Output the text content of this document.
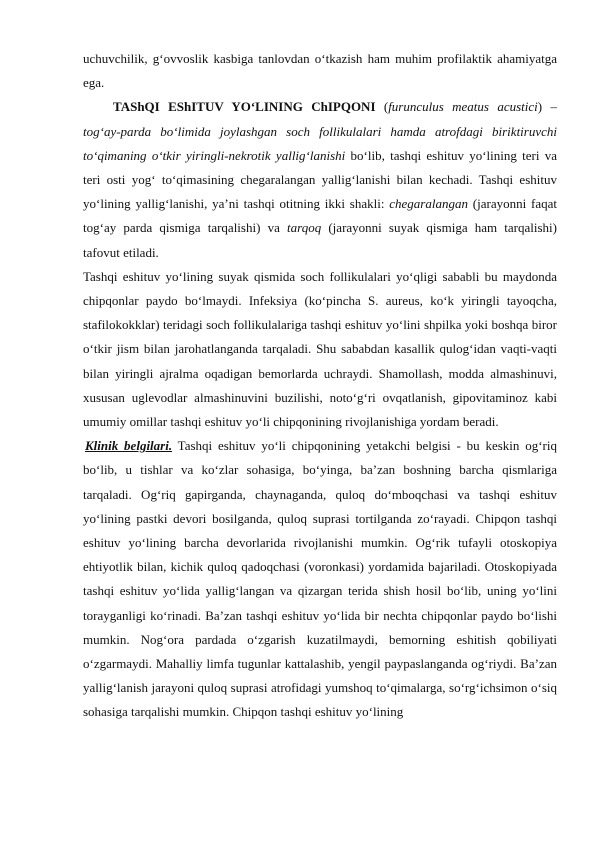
uchuvchilik, g‘ovvoslik kasbiga tanlovdan o‘tkazish ham muhim profilaktik ahamiyatga ega.

TAShQI EShITUV YO‘LINING ChIPQONI (furunculus meatus acustici) – tog‘ay-parda bo‘limida joylashgan soch follikulalari hamda atrofdagi biriktiruvchi to‘qimaning o‘tkir yiringli-nekrotik yallig‘lanishi bo‘lib, tashqi eshituv yo‘lining teri va teri osti yog‘ to‘qimasining chegaralangan yallig‘lanishi bilan kechadi. Tashqi eshituv yo‘lining yallig‘lanishi, ya’ni tashqi otitning ikki shakli: chegaralangan (jarayonni faqat tog‘ay parda qismiga tarqalishi) va tarqoq (jarayonni suyak qismiga ham tarqalishi) tafovut etiladi.

Tashqi eshituv yo‘lining suyak qismida soch follikulalari yo‘qligi sababli bu maydonda chipqonlar paydo bo‘lmaydi. Infeksiya (ko‘pincha S. aureus, ko‘k yiringli tayoqcha, stafilokokklar) teridagi soch follikulalariga tashqi eshituv yo‘lini shpilka yoki boshqa biror o‘tkir jism bilan jarohatlanganda tarqaladi. Shu sababdan kasallik qulog‘idan vaqti-vaqti bilan yiringli ajralma oqadigan bemorlarda uchraydi. Shamollash, modda almashinuvi, xususan uglevodlar almashinuvini buzilishi, noto‘g‘ri ovqatlanish, gipovitaminoz kabi umumiy omillar tashqi eshituv yo‘li chipqonining rivojlanishiga yordam beradi.

Klinik belgilari. Tashqi eshituv yo‘li chipqonining yetakchi belgisi - bu keskin og‘riq bo‘lib, u tishlar va ko‘zlar sohasiga, bo‘yinga, ba’zan boshning barcha qismlariga tarqaladi. Og‘riq gapirganda, chaynaganda, quloq do‘mboqchasi va tashqi eshituv yo‘lining pastki devori bosilganda, quloq suprasi tortilganda zo‘rayadi. Chipqon tashqi eshituv yo‘lining barcha devorlarida rivojlanishi mumkin. Og‘rik tufayli otoskopiya ehtiyotlik bilan, kichik quloq qadoqchasi (voronkasi) yordamida bajariladi. Otoskopiyada tashqi eshituv yo‘lida yallig‘langan va qizargan terida shish hosil bo‘lib, uning yo‘lini torayganligi ko‘rinadi. Ba’zan tashqi eshituv yo‘lida bir nechta chipqonlar paydo bo‘lishi mumkin. Nog‘ora pardada o‘zgarish kuzatilmaydi, bemorning eshitish qobiliyati o‘zgarmaydi. Mahalliy limfa tugunlar kattalashib, yengil paypaslanganda og‘riydi. Ba’zan yallig‘lanish jarayoni quloq suprasi atrofidagi yumshoq to‘qimalarga, so‘rg‘ichsimon o‘siq sohasiga tarqalishi mumkin. Chipqon tashqi eshituv yo‘lining
